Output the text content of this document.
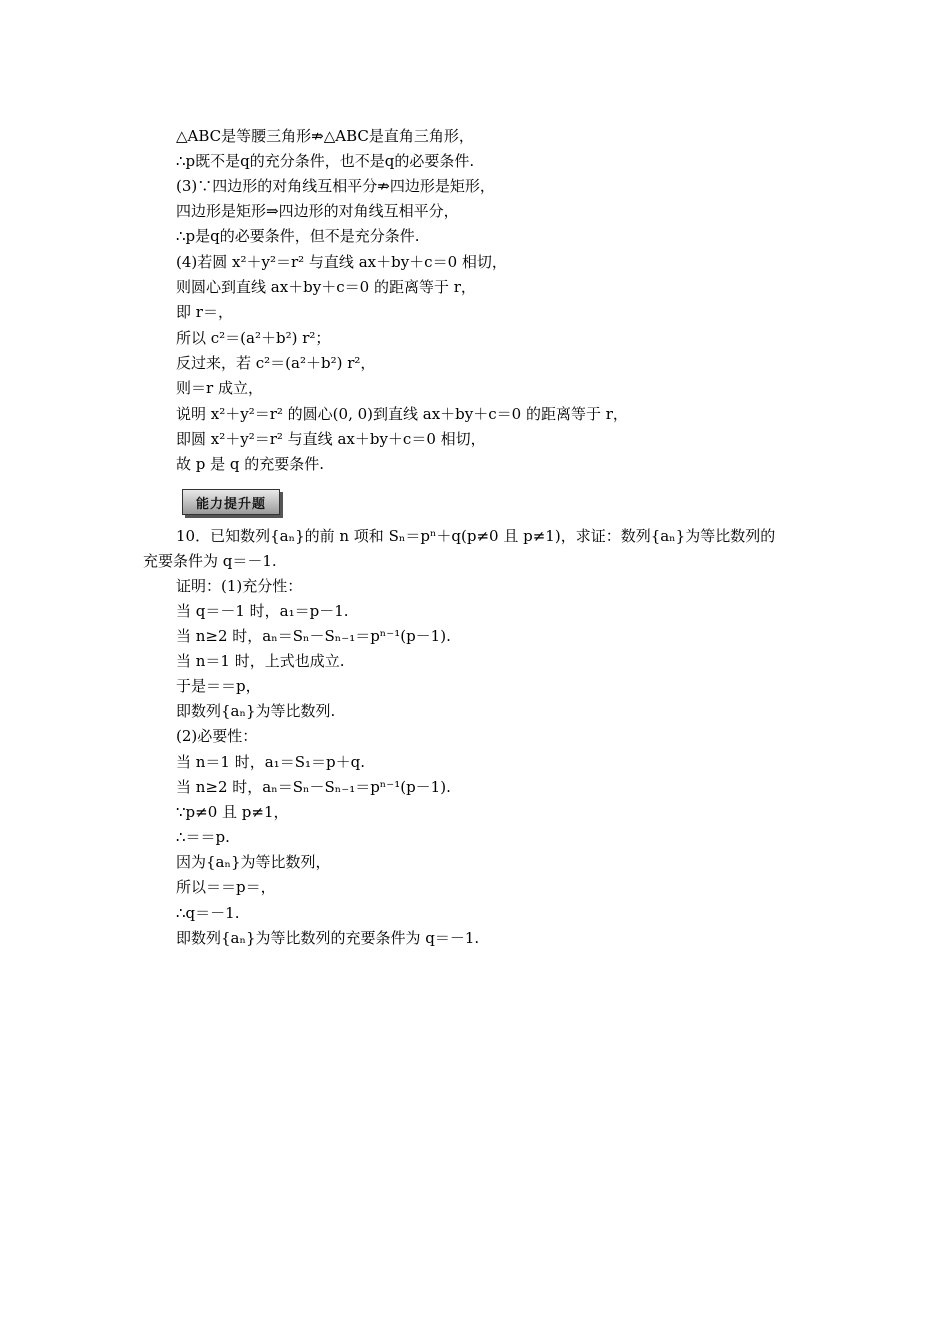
△ABC是等腰三角形⇏△ABC是直角三角形，
∴p既不是q的充分条件，也不是q的必要条件.
(3)∵四边形的对角线互相平分⇏四边形是矩形，
四边形是矩形⇒四边形的对角线互相平分，
∴p是q的必要条件，但不是充分条件.
(4)若圆 x²＋y²＝r² 与直线 ax＋by＋c＝0 相切，
则圆心到直线 ax＋by＋c＝0 的距离等于 r，
即 r＝，
所以 c²＝(a²＋b²) r²；
反过来，若 c²＝(a²＋b²) r²，
则＝r 成立，
说明 x²＋y²＝r² 的圆心(0, 0)到直线 ax＋by＋c＝0 的距离等于 r，
即圆 x²＋y²＝r² 与直线 ax＋by＋c＝0 相切，
故 p 是 q 的充要条件.
能力提升题
10．已知数列{aₙ}的前 n 项和 Sₙ＝pⁿ＋q(p≠0 且 p≠1)，求证：数列{aₙ}为等比数列的
充要条件为 q＝－1.
证明：(1)充分性：
当 q＝－1 时，a₁＝p－1.
当 n≥2 时，aₙ＝Sₙ－Sₙ₋₁＝pⁿ⁻¹(p－1).
当 n＝1 时，上式也成立.
于是＝＝p，
即数列{aₙ}为等比数列.
(2)必要性：
当 n＝1 时，a₁＝S₁＝p＋q.
当 n≥2 时，aₙ＝Sₙ－Sₙ₋₁＝pⁿ⁻¹(p－1).
∵p≠0 且 p≠1，
∴＝＝p.
因为{aₙ}为等比数列，
所以＝＝p＝，
∴q＝－1.
即数列{aₙ}为等比数列的充要条件为 q＝－1.
